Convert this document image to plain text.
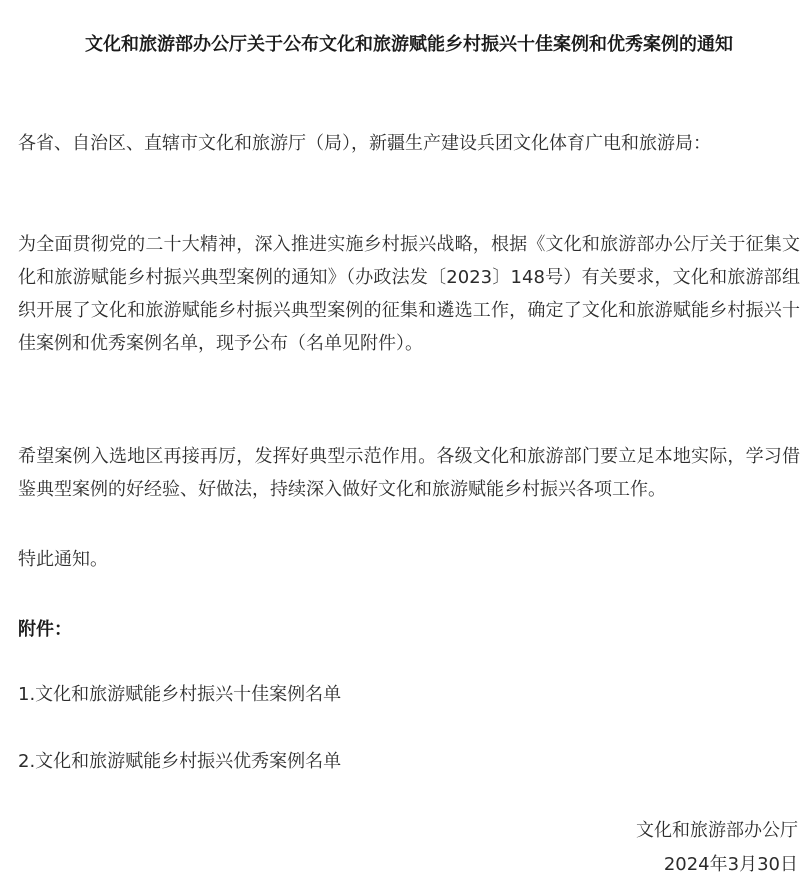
文化和旅游部办公厅关于公布文化和旅游赋能乡村振兴十佳案例和优秀案例的通知

各省、自治区、直辖市文化和旅游厅（局），新疆生产建设兵团文化体育广电和旅游局：

为全面贯彻党的二十大精神，深入推进实施乡村振兴战略，根据《文化和旅游部办公厅关于征集文化和旅游赋能乡村振兴典型案例的通知》（办政法发〔2023〕148号）有关要求，文化和旅游部组织开展了文化和旅游赋能乡村振兴典型案例的征集和遴选工作，确定了文化和旅游赋能乡村振兴十佳案例和优秀案例名单，现予公布（名单见附件）。

希望案例入选地区再接再厉，发挥好典型示范作用。各级文化和旅游部门要立足本地实际，学习借鉴典型案例的好经验、好做法，持续深入做好文化和旅游赋能乡村振兴各项工作。

特此通知。

附件：

1.文化和旅游赋能乡村振兴十佳案例名单

2.文化和旅游赋能乡村振兴优秀案例名单

文化和旅游部办公厅

2024年3月30日
